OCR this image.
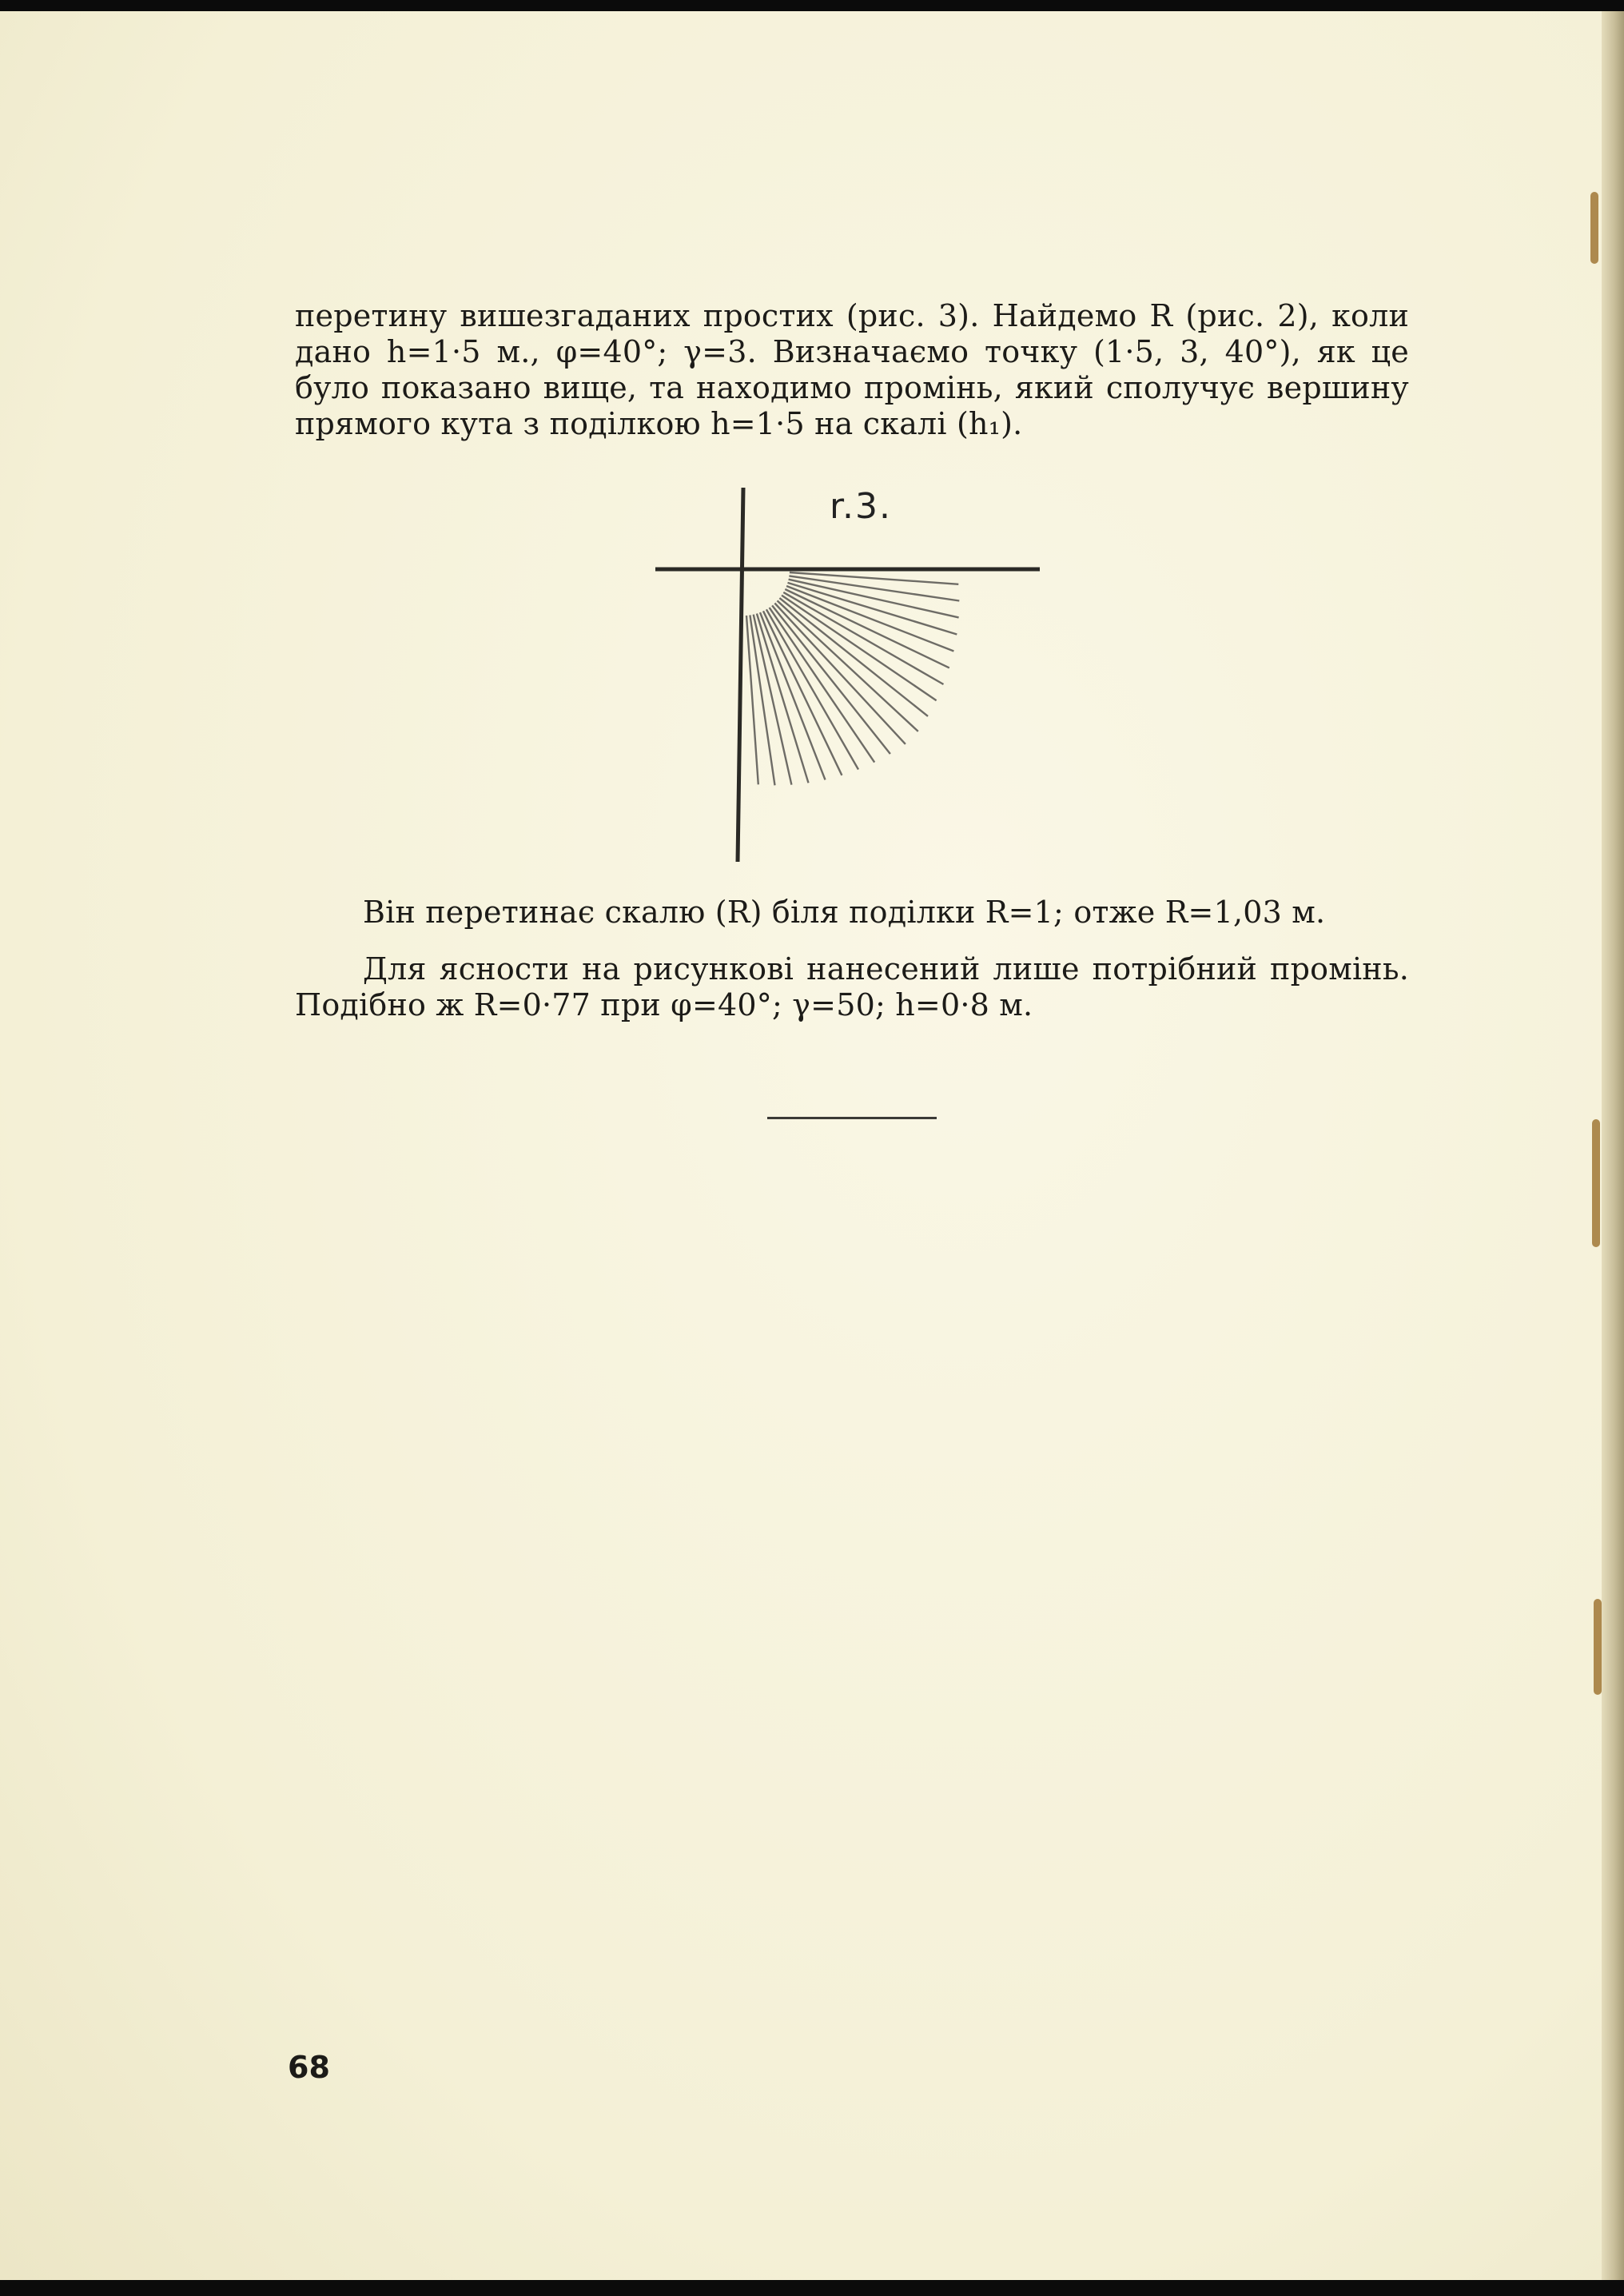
перетину вишезгаданих простих (рис. 3). Найдемо R (рис. 2), коли дано h=1·5 м., φ=40°; γ=3. Визначаємо точку (1·5, 3, 40°), як це було показано вище, та находимо промінь, який сполучує вершину прямого кута з поділкою h=1·5 на скалі (h₁).

r.3.

Він перетинає скалю (R) біля поділки R=1; отже R=1,03 м.

Для ясности на рисункові нанесений лише потрібний промінь. Подібно ж R=0·77 при φ=40°; γ=50; h=0·8 м.

68
